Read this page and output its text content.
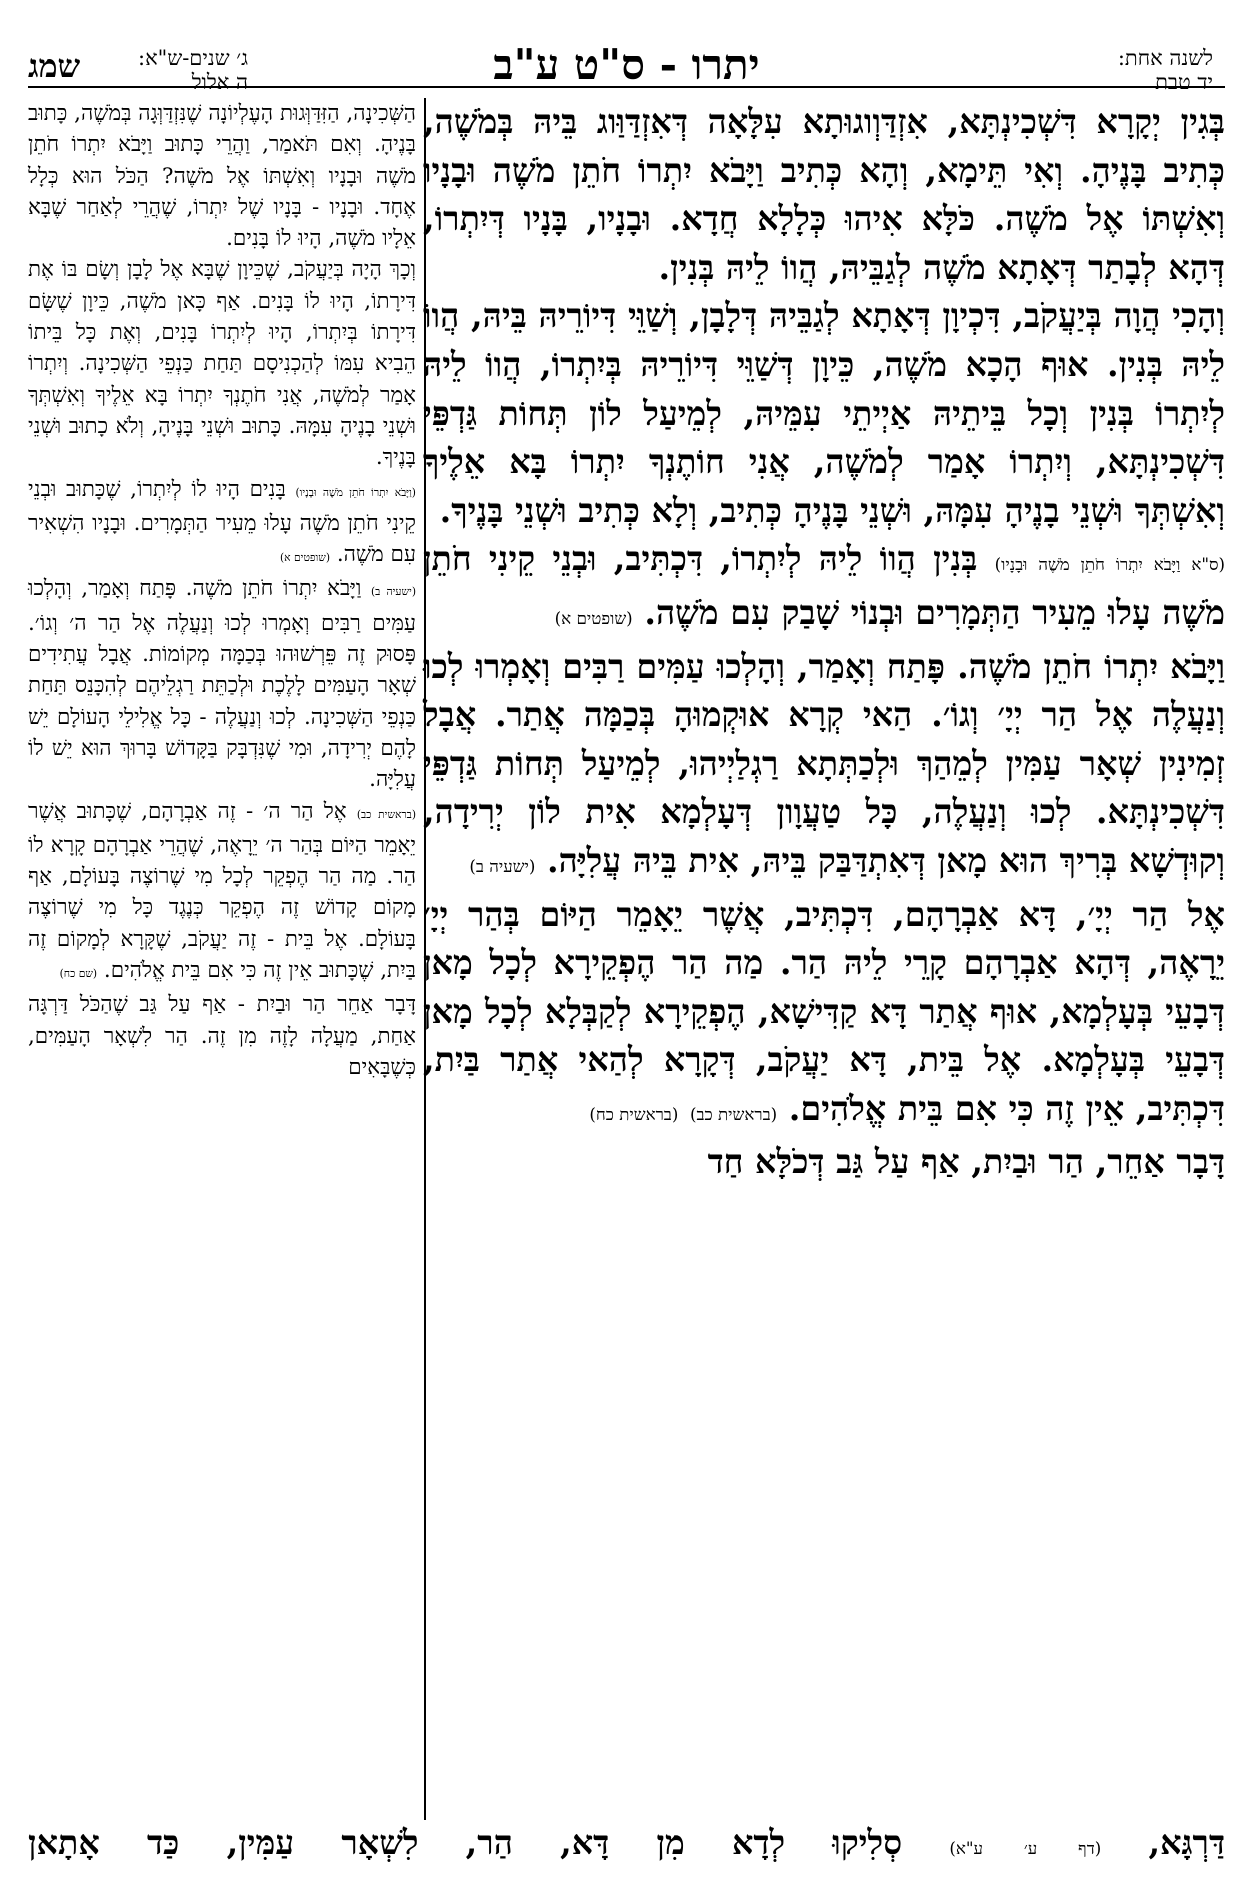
לשנה אחת:
יד טבת
יתרו - ס"ט ע"ב
ג׳ שנים-ש"א:
ה אלול
שמג

בְּגִין יְקָרָא דִּשְׁכִינְתָּא, אִזְדַּוְוגוּתָא עִלָּאָה דְּאִזְדַּוַּוג בֵּיהּ בְּמֹשֶׁה, כְּתִיב בָּנֶיהָ. וְאִי תֵּימָא, וְהָא כְּתִיב וַיָּבֹא יִתְרוֹ חֹתֵן מֹשֶׁה וּבָנָיו וְאִשְׁתּוֹ אֶל מֹשֶׁה. כֹּלָּא אִיהוּ כְּלָלָא חֲדָא. וּבָנָיו, בָּנָיו דְּיִתְרוֹ, דְּהָא לְבָתַר דְּאָתָא מֹשֶׁה לְגַבֵּיהּ, הֲווֹ לֵיהּ בְּנִין.

וְהָכִי הֲוָה בְּיַעֲקֹב, דִּכְיוָן דְּאָתָא לְגַבֵּיהּ דְּלָבָן, וְשַׁוֵּי דִּיוֹרֵיהּ בֵּיהּ, הֲווֹ לֵיהּ בְּנִין. אוּף הָכָא מֹשֶׁה, כֵּיוָן דְּשַׁוֵּי דִּיוֹרֵיהּ בְּיִתְרוֹ, הֲווֹ לֵיהּ לְיִתְרוֹ בְּנִין וְכָל בֵּיתֵיהּ אַיְיתֵי עִמֵּיהּ, לְמֵיעַל לוֹן תְּחוֹת גַּדְפֵּי דִּשְׁכִינְתָּא, וְיִתְרוֹ אָמַר לְמֹשֶׁה, אֲנִי חוֹתֶנְךָ יִתְרוֹ בָּא אֵלֶיךָ וְאִשְׁתְּךָ וּשְׁנֵי בָנֶיהָ עִמָּהּ, וּשְׁנֵי בָּנֶיהָ כְּתִיב, וְלָא כְּתִיב וּשְׁנֵי בָּנֶיךָ.

(ס"א וַיָּבֹא יִתְרוֹ חֹתֵן מֹשֶׁה וּבָנָיו) בְּנִין הֲווֹ לֵיהּ לְיִתְרוֹ, דִּכְתִּיב, וּבְנֵי קֵינִי חֹתֵן מֹשֶׁה עָלוּ מֵעִיר הַתְּמָרִים וּבְנוֹי שָׁבַק עִם מֹשֶׁה. (שופטים א)

וַיָּבֹא יִתְרוֹ חֹתֵן מֹשֶׁה. פָּתַח וְאָמַר, וְהָלְכוּ עַמִּים רַבִּים וְאָמְרוּ לְכוּ וְנַעֲלֶה אֶל הַר יְיָ׳ וְגוֹ׳. הַאי קְרָא אוּקְמוּהָ בְּכַמָּה אֲתַר. אֲבָל זְמִינִין שְׁאָר עַמִּין לְמֵהַךְ וּלְכַתְּתָא רַגְלַיְיהוּ, לְמֵיעַל תְּחוֹת גַּדְפֵּי דִּשְׁכִינְתָּא. לְכוּ וְנַעֲלֶה, כָּל טַעֲוָון דְּעָלְמָא אִית לוֹן יְרִידָה, וְקוּדְשָׁא בְּרִיךְ הוּא מָאן דְּאִתְדַּבַּק בֵּיהּ, אִית בֵּיהּ עֲלִיָּה. (ישעיה ב)

אֶל הַר יְיָ׳, דָּא אַבְרָהָם, דִּכְתִּיב, אֲשֶׁר יֵאָמֵר הַיּוֹם בְּהַר יְיָ׳ יֵרָאֶה, דְּהָא אַבְרָהָם קָרֵי לֵיהּ הַר. מַה הַר הֶפְקֵירָא לְכָל מָאן דְּבָעֵי בְּעָלְמָא, אוּף אֲתַר דָּא קַדִּישָׁא, הֶפְקֵירָא לְקַבְּלָא לְכָל מָאן דְּבָעֵי בְּעָלְמָא. אֶל בֵּית, דָּא יַעֲקֹב, דְּקָרָא לְהַאי אֲתַר בַּיִת, דִּכְתִּיב, אֵין זֶה כִּי אִם בֵּית אֱלֹהִים. (בראשית כב) (בראשית כח)

דָּבָר אַחֵר, הַר וּבַיִת, אַף עַל גַּב דְּכֹלָּא חַד

הַשְּׁכִינָה, הַזִּדַּוְּגוּת הָעֶלְיוֹנָה שֶׁנִּזְדַּוְּגָה בְּמֹשֶׁה, כָּתוּב בָּנֶיהָ. וְאִם תֹּאמַר, וַהֲרֵי כָּתוּב וַיָּבֹא יִתְרוֹ חֹתֵן מֹשֶׁה וּבָנָיו וְאִשְׁתּוֹ אֶל מֹשֶׁה? הַכֹּל הוּא כְּלָל אֶחָד. וּבָנָיו - בָּנָיו שֶׁל יִתְרוֹ, שֶׁהֲרֵי לְאַחַר שֶׁבָּא אֵלָיו מֹשֶׁה, הָיוּ לוֹ בָּנִים.

וְכָךְ הָיָה בְּיַעֲקֹב, שֶׁכֵּיוָן שֶׁבָּא אֶל לָבָן וְשָׂם בּוֹ אֶת דִּירָתוֹ, הָיוּ לוֹ בָּנִים. אַף כָּאן מֹשֶׁה, כֵּיוָן שֶׁשָּׂם דִּירָתוֹ בְּיִתְרוֹ, הָיוּ לְיִתְרוֹ בָּנִים, וְאֶת כָּל בֵּיתוֹ הֵבִיא עִמּוֹ לְהַכְנִיסָם תַּחַת כַּנְפֵי הַשְּׁכִינָה. וְיִתְרוֹ אָמַר לְמֹשֶׁה, אֲנִי חֹתֶנְךָ יִתְרוֹ בָּא אֵלֶיךָ וְאִשְׁתְּךָ וּשְׁנֵי בָנֶיהָ עִמָּהּ. כָּתוּב וּשְׁנֵי בָּנֶיהָ, וְלֹא כָתוּב וּשְׁנֵי בָּנֶיךָ.

(וַיָּבֹא יִתְרוֹ חֹתֵן מֹשֶׁה וּבָנָיו) בָּנִים הָיוּ לוֹ לְיִתְרוֹ, שֶׁכָּתוּב וּבְנֵי קֵינִי חֹתֵן מֹשֶׁה עָלוּ מֵעִיר הַתְּמָרִים. וּבָנָיו הִשְׁאִיר עִם מֹשֶׁה. (שופטים א)

(ישעיה ב) וַיָּבֹא יִתְרוֹ חֹתֵן מֹשֶׁה. פָּתַח וְאָמַר, וְהָלְכוּ עַמִּים רַבִּים וְאָמְרוּ לְכוּ וְנַעֲלֶה אֶל הַר ה׳ וְגוֹ׳. פָּסוּק זֶה פֵּרְשׁוּהוּ בְּכַמָּה מְקוֹמוֹת. אֲבָל עֲתִידִים שְׁאָר הָעַמִּים לָלֶכֶת וּלְכַתֵּת רַגְלֵיהֶם לְהִכָּנֵס תַּחַת כַּנְפֵי הַשְּׁכִינָה. לְכוּ וְנַעֲלֶה - כָּל אֱלִילֵי הָעוֹלָם יֵשׁ לָהֶם יְרִידָה, וּמִי שֶׁנִּדְבָּק בַּקָּדוֹשׁ בָּרוּךְ הוּא יֵשׁ לוֹ עֲלִיָּה.

(בראשית כב) אֶל הַר ה׳ - זֶה אַבְרָהָם, שֶׁכָּתוּב אֲשֶׁר יֵאָמֵר הַיּוֹם בְּהַר ה׳ יֵרָאֶה, שֶׁהֲרֵי אַבְרָהָם קָרָא לוֹ הַר. מַה הַר הֶפְקֵר לְכָל מִי שֶׁרוֹצֶה בָּעוֹלָם, אַף מָקוֹם קָדוֹשׁ זֶה הֶפְקֵר כְּנֶגֶד כָּל מִי שֶׁרוֹצֶה בָּעוֹלָם. אֶל בֵּית - זֶה יַעֲקֹב, שֶׁקָּרָא לְמָקוֹם זֶה בַּיִת, שֶׁכָּתוּב אֵין זֶה כִּי אִם בֵּית אֱלֹהִים. (שם כח)

דָּבָר אַחֵר הַר וּבַיִת - אַף עַל גַּב שֶׁהַכֹּל דַּרְגָּה אַחַת, מַעֲלָה לָזֶה מִן זֶה. הַר לִשְׁאָר הָעַמִּים, כְּשֶׁבָּאִים

דַּרְגָּא, (דף ע׳ ע"א) סְלִיקוּ לְדָא מִן דָּא, הַר, לִשְׁאָר עַמִּין, כַּד אָתָאן
